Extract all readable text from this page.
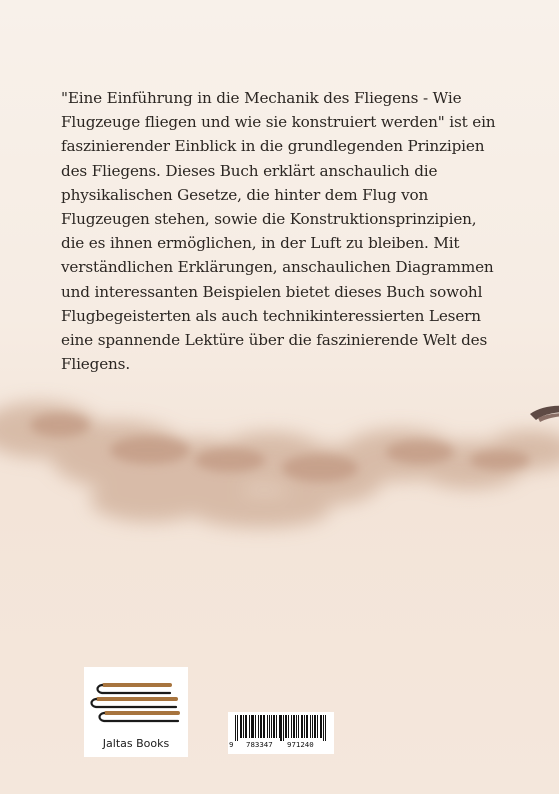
"Eine Einführung in die Mechanik des Fliegens - Wie Flugzeuge fliegen und wie sie konstruiert werden" ist ein faszinierender Einblick in die grundlegenden Prinzipien des Fliegens. Dieses Buch erklärt anschaulich die physikalischen Gesetze, die hinter dem Flug von Flugzeugen stehen, sowie die Konstruktionsprinzipien, die es ihnen ermöglichen, in der Luft zu bleiben. Mit verständlichen Erklärungen, anschaulichen Diagrammen und interessanten Beispielen bietet dieses Buch sowohl Flugbegeisterten als auch technikinteressierten Lesern eine spannende Lektüre über die faszinierende Welt des Fliegens.

Jaltas Books	9 783347 971240
